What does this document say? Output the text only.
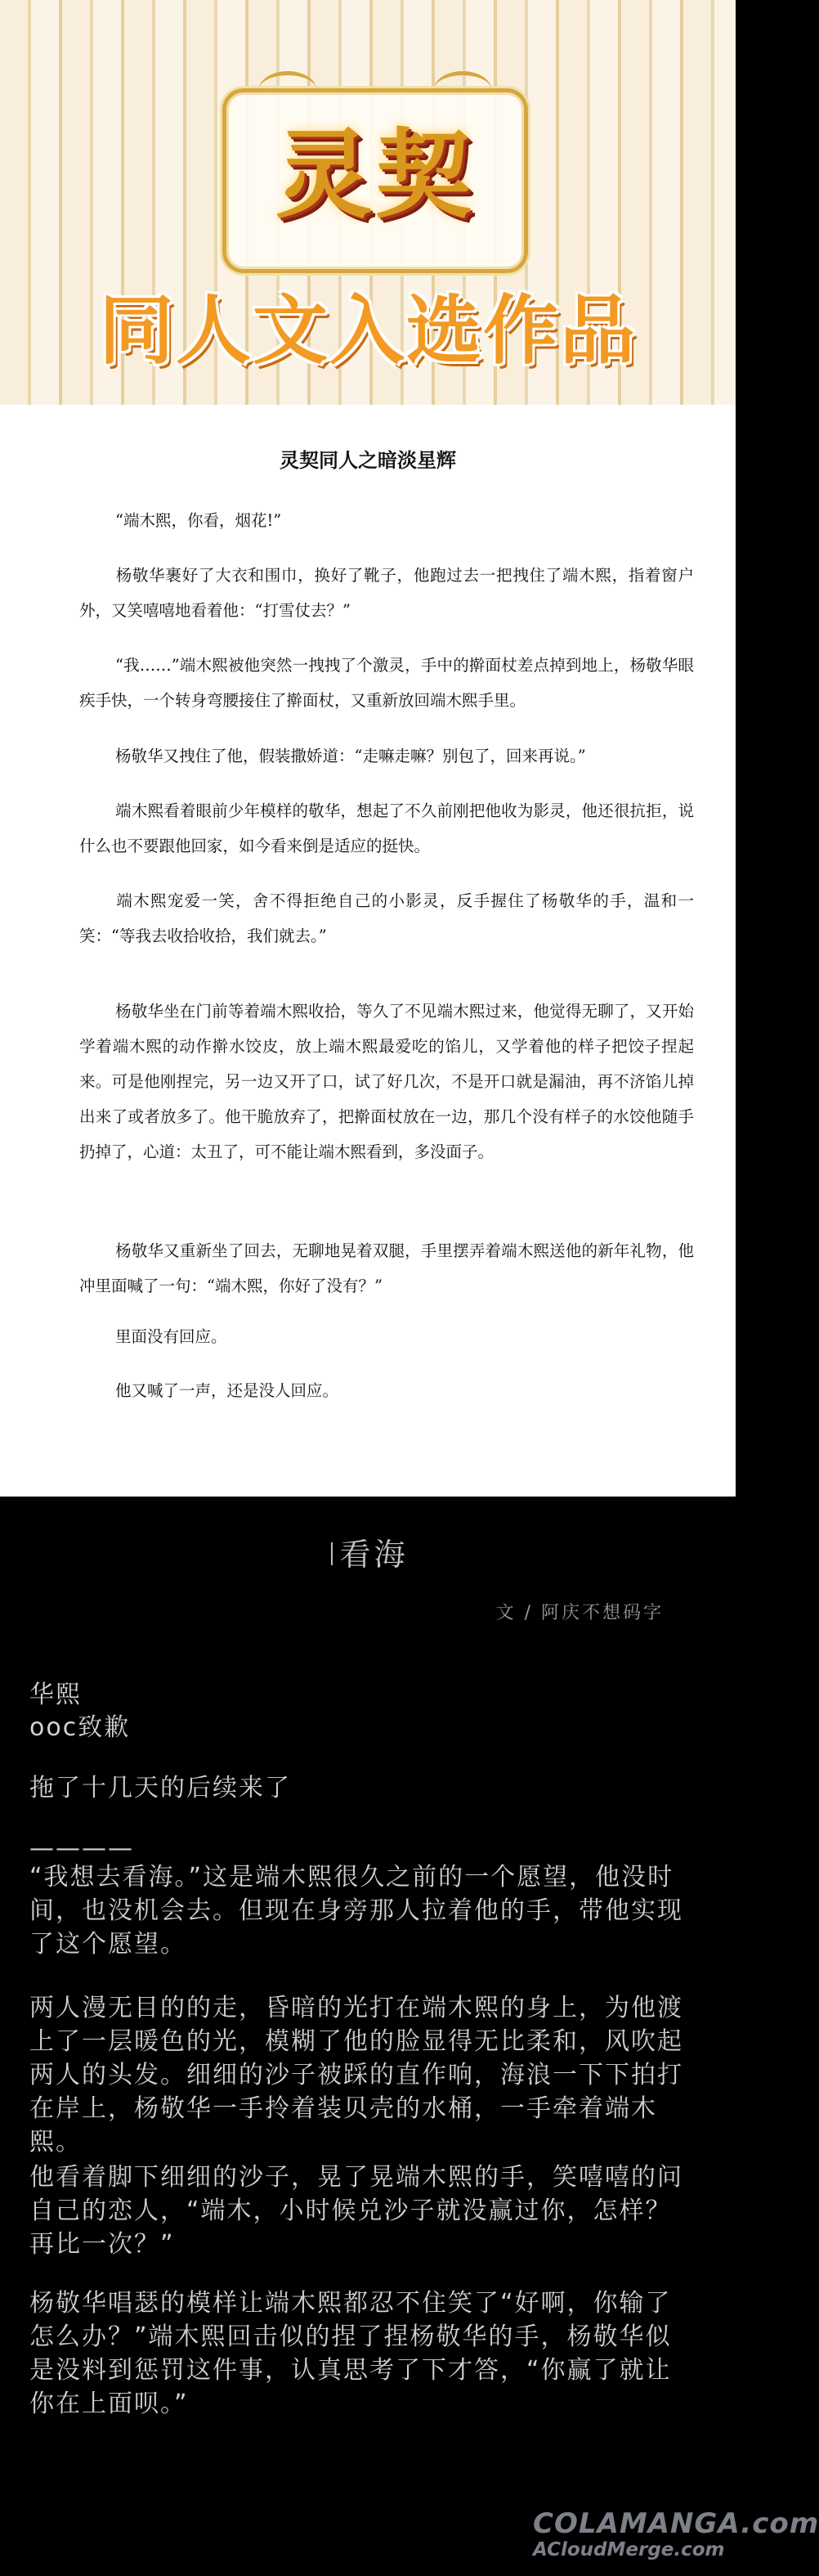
灵契
同人文入选作品
灵契同人之暗淡星辉

“端木熙，你看，烟花!”

杨敬华裹好了大衣和围巾，换好了靴子，他跑过去一把拽住了端木熙，指着窗户外，又笑嘻嘻地看着他：“打雪仗去？”

“我……”端木熙被他突然一拽拽了个激灵，手中的擀面杖差点掉到地上，杨敬华眼疾手快，一个转身弯腰接住了擀面杖，又重新放回端木熙手里。

杨敬华又拽住了他，假装撒娇道：“走嘛走嘛？别包了，回来再说。”

端木熙看着眼前少年模样的敬华，想起了不久前刚把他收为影灵，他还很抗拒，说什么也不要跟他回家，如今看来倒是适应的挺快。

端木熙宠爱一笑，舍不得拒绝自己的小影灵，反手握住了杨敬华的手，温和一笑：“等我去收拾收拾，我们就去。”

杨敬华坐在门前等着端木熙收拾，等久了不见端木熙过来，他觉得无聊了，又开始学着端木熙的动作擀水饺皮，放上端木熙最爱吃的馅儿，又学着他的样子把饺子捏起来。可是他刚捏完，另一边又开了口，试了好几次，不是开口就是漏油，再不济馅儿掉出来了或者放多了。他干脆放弃了，把擀面杖放在一边，那几个没有样子的水饺他随手扔掉了，心道：太丑了，可不能让端木熙看到，多没面子。

杨敬华又重新坐了回去，无聊地晃着双腿，手里摆弄着端木熙送他的新年礼物，他冲里面喊了一句：“端木熙，你好了没有？”

里面没有回应。

他又喊了一声，还是没人回应。

I看海
文 / 阿庆不想码字

华熙

ooc致歉

拖了十几天的后续来了

————

“我想去看海。”这是端木熙很久之前的一个愿望，他没时间，也没机会去。但现在身旁那人拉着他的手，带他实现了这个愿望。

两人漫无目的的走，昏暗的光打在端木熙的身上，为他渡上了一层暖色的光，模糊了他的脸显得无比柔和，风吹起两人的头发。细细的沙子被踩的直作响，海浪一下下拍打在岸上，杨敬华一手拎着装贝壳的水桶，一手牵着端木熙。

他看着脚下细细的沙子，晃了晃端木熙的手，笑嘻嘻的问自己的恋人，“端木，小时候兑沙子就没赢过你，怎样？再比一次？”

杨敬华唱瑟的模样让端木熙都忍不住笑了“好啊，你输了怎么办？”端木熙回击似的捏了捏杨敬华的手，杨敬华似是没料到惩罚这件事，认真思考了下才答，“你赢了就让你在上面呗。”

COLAMANGA.com
ACloudMerge.com
